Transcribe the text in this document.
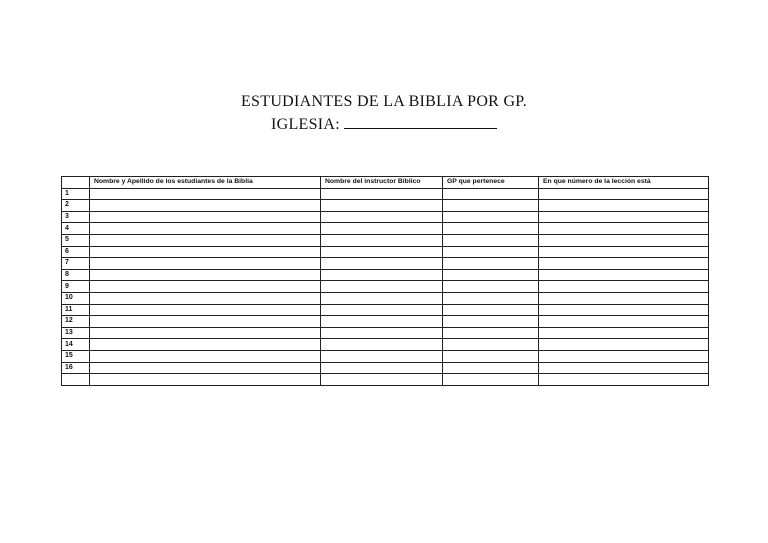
ESTUDIANTES DE LA BIBLIA POR GP.
IGLESIA:
	Nombre y Apellido de los estudiantes de la Biblia	Nombre del instructor Bíblico	GP que pertenece	En que número de la lección está
1				
2				
3				
4				
5				
6				
7				
8				
9				
10				
11				
12				
13				
14				
15				
16				
